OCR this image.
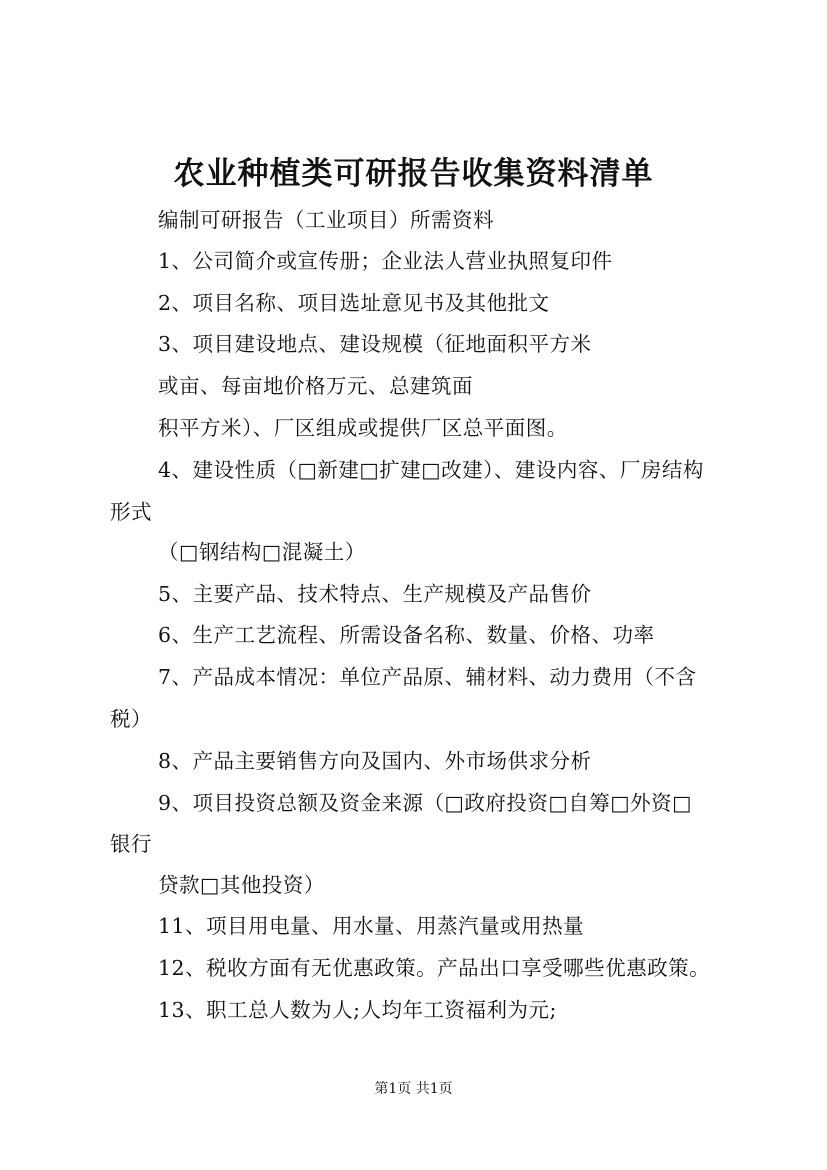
农业种植类可研报告收集资料清单
编制可研报告（工业项目）所需资料
1、公司简介或宣传册；企业法人营业执照复印件
2、项目名称、项目选址意见书及其他批文
3、项目建设地点、建设规模（征地面积平方米
或亩、每亩地价格万元、总建筑面
积平方米）、厂区组成或提供厂区总平面图。
4、建设性质（□新建□扩建□改建）、建设内容、厂房结构
形式
（□钢结构□混凝土）
5、主要产品、技术特点、生产规模及产品售价
6、生产工艺流程、所需设备名称、数量、价格、功率
7、产品成本情况：单位产品原、辅材料、动力费用（不含
税）
8、产品主要销售方向及国内、外市场供求分析
9、项目投资总额及资金来源（□政府投资□自筹□外资□
银行
贷款□其他投资）
11、项目用电量、用水量、用蒸汽量或用热量
12、税收方面有无优惠政策。产品出口享受哪些优惠政策。
13、职工总人数为人;人均年工资福利为元;
第1页 共1页
